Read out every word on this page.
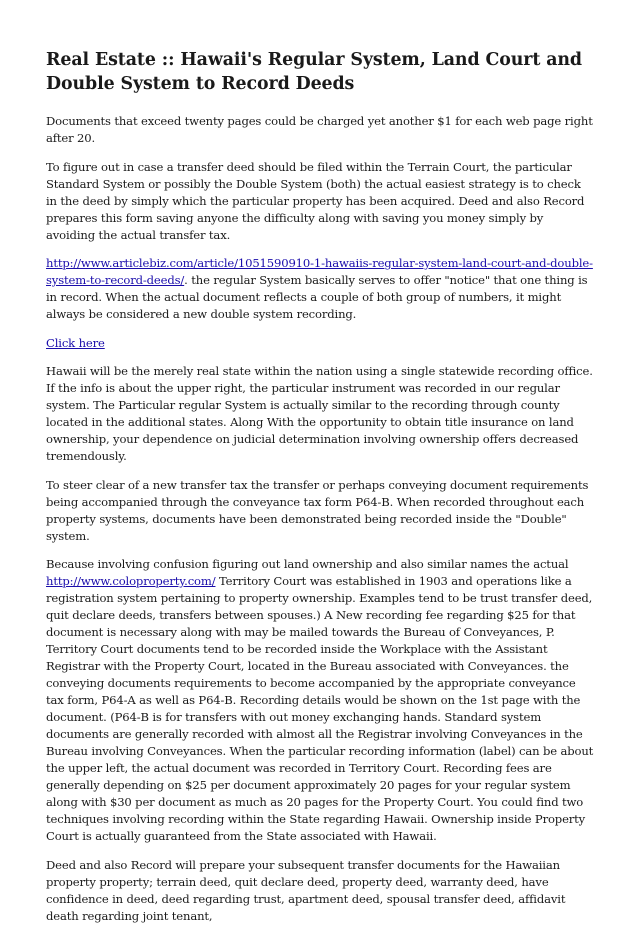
Real Estate :: Hawaii's Regular System, Land Court and
Double System to Record Deeds

Documents that exceed twenty pages could be charged yet another $1 for each web page right after 20.

To figure out in case a transfer deed should be filed within the Terrain Court, the particular Standard System or possibly the Double System (both) the actual easiest strategy is to check in the deed by simply which the particular property has been acquired. Deed and also Record prepares this form saving anyone the difficulty along with saving you money simply by avoiding the actual transfer tax.

http://www.articlebiz.com/article/1051590910-1-hawaiis-regular-system-land-court-and-double-system-to-record-deeds/. the regular System basically serves to offer "notice" that one thing is in record. When the actual document reflects a couple of both group of numbers, it might always be considered a new double system recording.

Click here

Hawaii will be the merely real state within the nation using a single statewide recording office. If the info is about the upper right, the particular instrument was recorded in our regular system. The Particular regular System is actually similar to the recording through county located in the additional states. Along With the opportunity to obtain title insurance on land ownership, your dependence on judicial determination involving ownership offers decreased tremendously.

To steer clear of a new transfer tax the transfer or perhaps conveying document requirements being accompanied through the conveyance tax form P64-B. When recorded throughout each property systems, documents have been demonstrated being recorded inside the "Double" system.

Because involving confusion figuring out land ownership and also similar names the actual http://www.coloproperty.com/ Territory Court was established in 1903 and operations like a registration system pertaining to property ownership. Examples tend to be trust transfer deed, quit declare deeds, transfers between spouses.) A New recording fee regarding $25 for that document is necessary along with may be mailed towards the Bureau of Conveyances, P. Territory Court documents tend to be recorded inside the Workplace with the Assistant Registrar with the Property Court, located in the Bureau associated with Conveyances. the conveying documents requirements to become accompanied by the appropriate conveyance tax form, P64-A as well as P64-B. Recording details would be shown on the 1st page with the document. (P64-B is for transfers with out money exchanging hands. Standard system documents are generally recorded with almost all the Registrar involving Conveyances in the Bureau involving Conveyances. When the particular recording information (label) can be about the upper left, the actual document was recorded in Territory Court. Recording fees are generally depending on $25 per document approximately 20 pages for your regular system along with $30 per document as much as 20 pages for the Property Court. You could find two techniques involving recording within the State regarding Hawaii. Ownership inside Property Court is actually guaranteed from the State associated with Hawaii.

Deed and also Record will prepare your subsequent transfer documents for the Hawaiian property property; terrain deed, quit declare deed, property deed, warranty deed, have confidence in deed, deed regarding trust, apartment deed, spousal transfer deed, affidavit death regarding joint tenant,
